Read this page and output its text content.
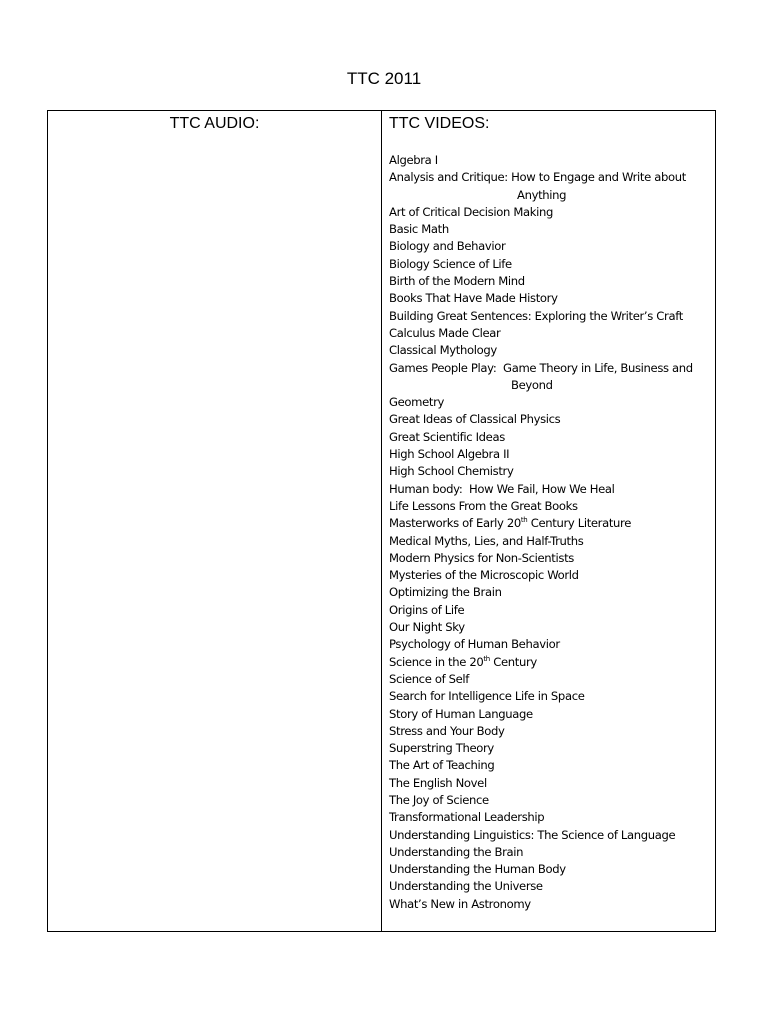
TTC 2011
TTC AUDIO:	TTC VIDEOS:
Algebra I
Analysis and Critique: How to Engage and Write about
Anything
Art of Critical Decision Making
Basic Math
Biology and Behavior
Biology Science of Life
Birth of the Modern Mind
Books That Have Made History
Building Great Sentences: Exploring the Writer’s Craft
Calculus Made Clear
Classical Mythology
Games People Play:  Game Theory in Life, Business and
Beyond
Geometry
Great Ideas of Classical Physics
Great Scientific Ideas
High School Algebra II
High School Chemistry
Human body:  How We Fail, How We Heal
Life Lessons From the Great Books
Masterworks of Early 20th Century Literature
Medical Myths, Lies, and Half-Truths
Modern Physics for Non-Scientists
Mysteries of the Microscopic World
Optimizing the Brain
Origins of Life
Our Night Sky
Psychology of Human Behavior
Science in the 20th Century
Science of Self
Search for Intelligence Life in Space
Story of Human Language
Stress and Your Body
Superstring Theory
The Art of Teaching
The English Novel
The Joy of Science
Transformational Leadership
Understanding Linguistics: The Science of Language
Understanding the Brain
Understanding the Human Body
Understanding the Universe
What’s New in Astronomy
